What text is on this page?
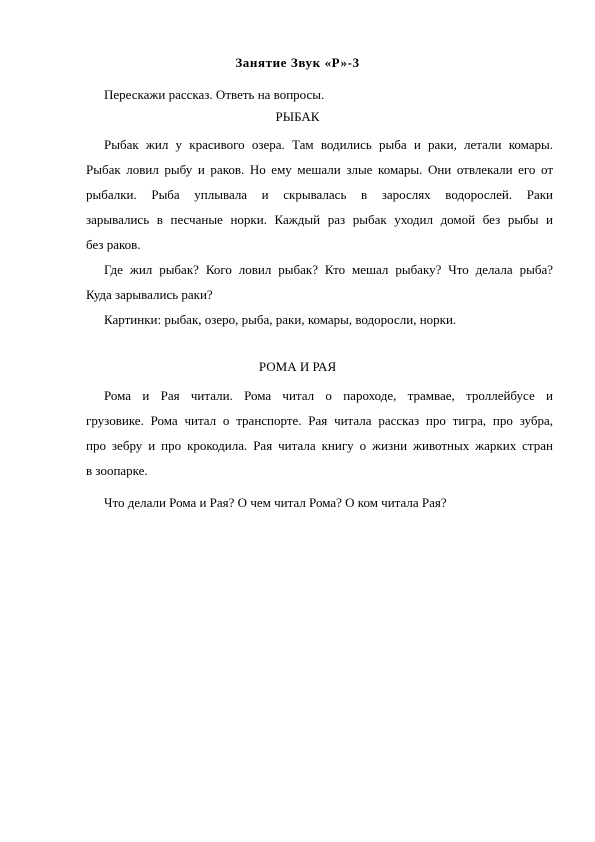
Занятие Звук «Р»-3
Перескажи рассказ. Ответь на вопросы.
РЫБАК
Рыбак жил у красивого озера. Там водились рыба и раки, летали комары.
Рыбак ловил рыбу и раков. Но ему мешали злые комары. Они отвлекали его от
рыбалки. Рыба уплывала и скрывалась в зарослях водорослей. Раки
зарывались в песчаные норки. Каждый раз рыбак уходил домой без рыбы и
без раков.
Где жил рыбак? Кого ловил рыбак? Кто мешал рыбаку? Что делала рыба?
Куда зарывались раки?
Картинки: рыбак, озеро, рыба, раки, комары, водоросли, норки.
РОМА И РАЯ
Рома и Рая читали. Рома читал о пароходе, трамвае, троллейбусе и
грузовике. Рома читал о транспорте. Рая читала рассказ про тигра, про зубра,
про зебру и про крокодила. Рая читала книгу о жизни животных жарких стран
в зоопарке.
Что делали Рома и Рая? О чем читал Рома? О ком читала Рая?
